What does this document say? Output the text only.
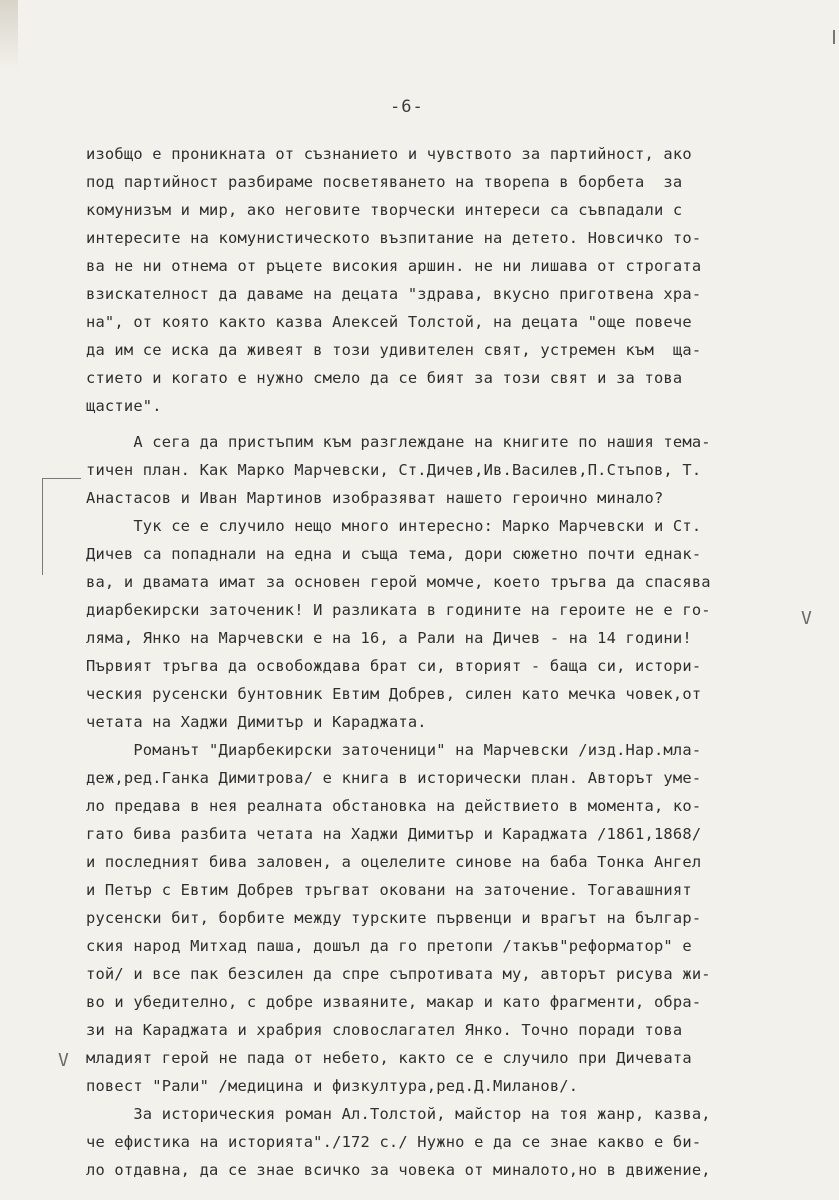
-6-
V
V
изобщо е проникната от съзнанието и чувството за партийност, ако
под партийност разбираме посветяването на творепа в борбета  за
комунизъм и мир, ако неговите творчески интереси са съвпадали с
интересите на комунистическото възпитание на детето. Новсичко то-
ва не ни отнема от ръцете високия аршин. не ни лишава от строгата
взискателност да даваме на децата "здрава, вкусно приготвена хра-
на", от която както казва Алексей Толстой, на децата "още повече
да им се иска да живеят в този удивителен свят, устремен към  ща-
стието и когато е нужно смело да се бият за този свят и за това
щастие".
А сега да пристъпим към разглеждане на книгите по нашия тема-
тичен план. Как Марко Марчевски, Ст.Дичев,Ив.Василев,П.Стъпов, Т.
Анастасов и Иван Мартинов изобразяват нашето героично минало?
Тук се е случило нещо много интересно: Марко Марчевски и Ст.
Дичев са попаднали на една и съща тема, дори сюжетно почти еднак-
ва, и двамата имат за основен герой момче, което тръгва да спасява
диарбекирски заточеник! И разликата в годините на героите не е го-
ляма, Янко на Марчевски е на 16, а Рали на Дичев - на 14 години!
Първият тръгва да освобождава брат си, вторият - баща си, истори-
ческия русенски бунтовник Евтим Добрев, силен като мечка човек,от
четата на Хаджи Димитър и Караджата.
Романът "Диарбекирски заточеници" на Марчевски /изд.Нар.мла-
деж,ред.Ганка Димитрова/ е книга в исторически план. Авторът уме-
ло предава в нея реалната обстановка на действието в момента, ко-
гато бива разбита четата на Хаджи Димитър и Караджата /1861,1868/
и последният бива заловен, а оцелелите синове на баба Тонка Ангел
и Петър с Евтим Добрев тръгват оковани на заточение. Тогавашният
русенски бит, борбите между турските първенци и врагът на българ-
ския народ Митхад паша, дошъл да го претопи /такъв"реформатор" е
той/ и все пак безсилен да спре съпротивата му, авторът рисува жи-
во и убедително, с добре изваяните, макар и като фрагменти, обра-
зи на Караджата и храбрия словослагател Янко. Точно поради това
младият герой не пада от небето, както се е случило при Дичевата
повест "Рали" /медицина и физкултура,ред.Д.Миланов/.
За историческия роман Ал.Толстой, майстор на тоя жанр, казва,
че ефистика на историята"./172 с./ Нужно е да се знае какво е би-
ло отдавна, да се знае всичко за човека от миналото,но в движение,
